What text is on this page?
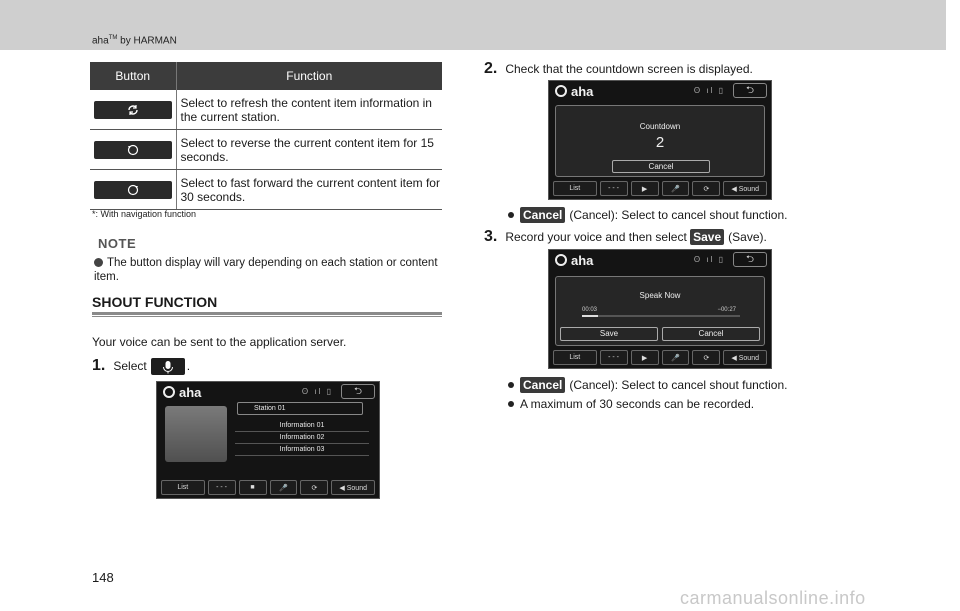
aha™ by HARMAN
Button	Function

	Select to refresh the content item information in the current station.

	Select to reverse the current content item for 15 seconds.

	Select to fast forward the current content item for 30 seconds.
*: With navigation function
NOTE
The button display will vary depending on each station or content item.
SHOUT FUNCTION
Your voice can be sent to the application server.
1. Select	.
aha	ʘ ıl ▯	⮌
Station 01
Information 01
Information 02
Information 03
List	- - -	■	🎤	⟳	◀ Sound
2. Check that the countdown screen is displayed.
aha	ʘ ıl ▯	⮌
Countdown
2
Cancel
List	- - -	▶	🎤	⟳	◀ Sound
Cancel (Cancel): Select to cancel shout function.
3. Record your voice and then select
Save (Save).
aha	ʘ ıl ▯	⮌
Speak Now
00:03	−00:27
Save	Cancel
List	- - -	▶	🎤	⟳	◀ Sound
Cancel (Cancel): Select to cancel shout function.
A maximum of 30 seconds can be recorded.
148
carmanualsonline.info
